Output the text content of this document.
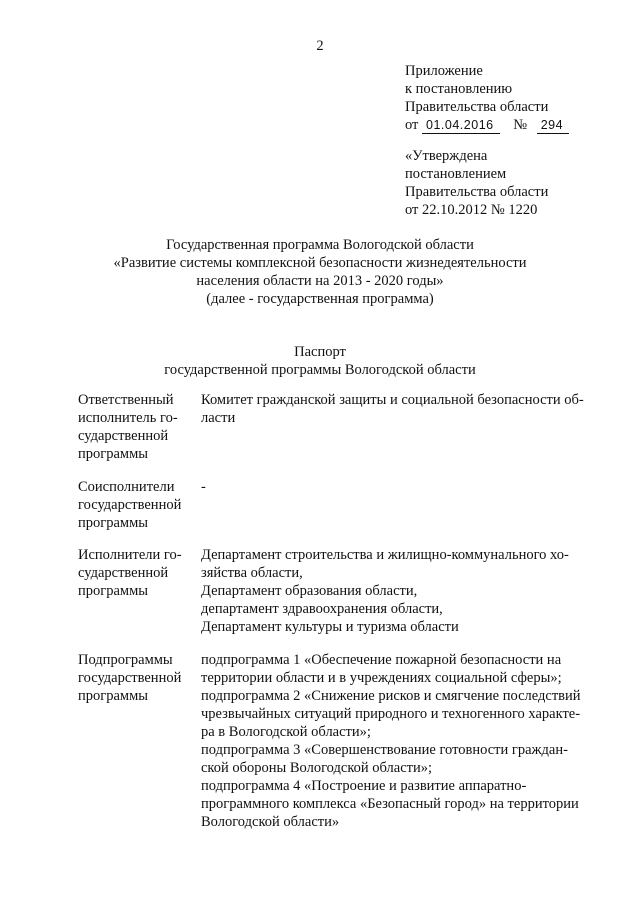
2
Приложение
к постановлению
Правительства области
от 01.04.2016 № 294
«Утверждена
постановлением
Правительства области
от 22.10.2012 № 1220
Государственная программа Вологодской области
«Развитие системы комплексной безопасности жизнедеятельности
населения области на 2013 - 2020 годы»
(далее - государственная программа)
Паспорт
государственной программы Вологодской области
Ответственный
исполнитель го-
сударственной
программы
Комитет гражданской защиты и социальной безопасности об-
ласти
Соисполнители
государственной
программы
-
Исполнители го-
сударственной
программы
Департамент строительства и жилищно-коммунального хо-
зяйства области,
Департамент образования области,
департамент здравоохранения области,
Департамент культуры и туризма области
Подпрограммы
государственной
программы
подпрограмма 1 «Обеспечение пожарной безопасности на
территории области и в учреждениях социальной сферы»;
подпрограмма 2 «Снижение рисков и смягчение последствий
чрезвычайных ситуаций природного и техногенного характе-
ра в Вологодской области»;
подпрограмма 3 «Совершенствование готовности граждан-
ской обороны Вологодской области»;
подпрограмма 4 «Построение и развитие аппаратно-
программного комплекса «Безопасный город» на территории
Вологодской области»
